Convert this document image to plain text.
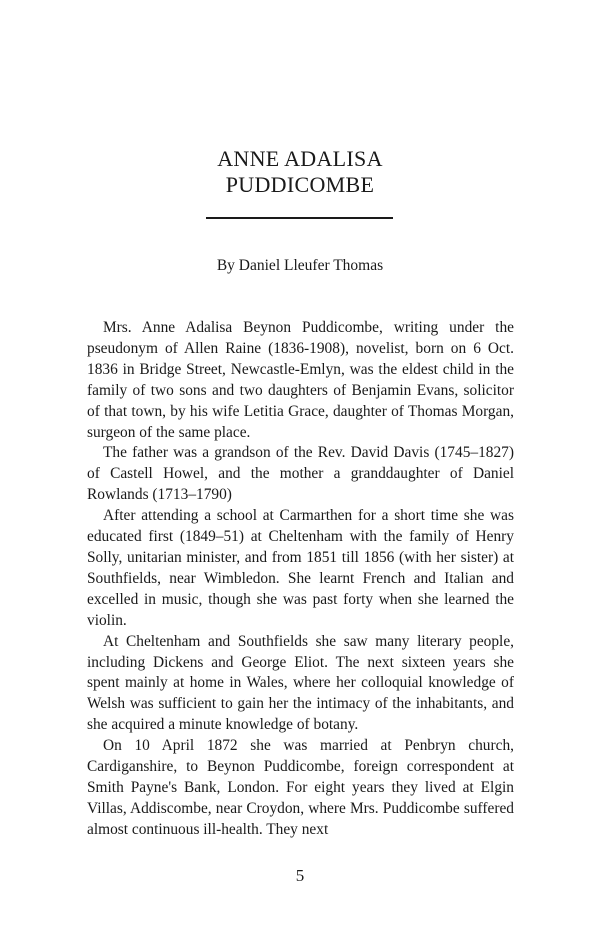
ANNE ADALISA
PUDDICOMBE

By Daniel Lleufer Thomas

Mrs. Anne Adalisa Beynon Puddicombe, writing under the pseudonym of Allen Raine (1836-1908), novelist, born on 6 Oct. 1836 in Bridge Street, Newcastle-Emlyn, was the eldest child in the family of two sons and two daughters of Benjamin Evans, solicitor of that town, by his wife Letitia Grace, daughter of Thomas Morgan, surgeon of the same place.

The father was a grandson of the Rev. David Davis (1745–1827) of Castell Howel, and the mother a granddaughter of Daniel Rowlands (1713–1790)

After attending a school at Carmarthen for a short time she was educated first (1849–51) at Cheltenham with the family of Henry Solly, unitarian minister, and from 1851 till 1856 (with her sister) at Southfields, near Wimbledon. She learnt French and Italian and excelled in music, though she was past forty when she learned the violin.

At Cheltenham and Southfields she saw many literary people, including Dickens and George Eliot. The next sixteen years she spent mainly at home in Wales, where her colloquial knowledge of Welsh was sufficient to gain her the intimacy of the inhabitants, and she acquired a minute knowledge of botany.

On 10 April 1872 she was married at Penbryn church, Cardiganshire, to Beynon Puddicombe, foreign correspondent at Smith Payne's Bank, London. For eight years they lived at Elgin Villas, Addiscombe, near Croydon, where Mrs. Puddicombe suffered almost continuous ill-health. They next

5
